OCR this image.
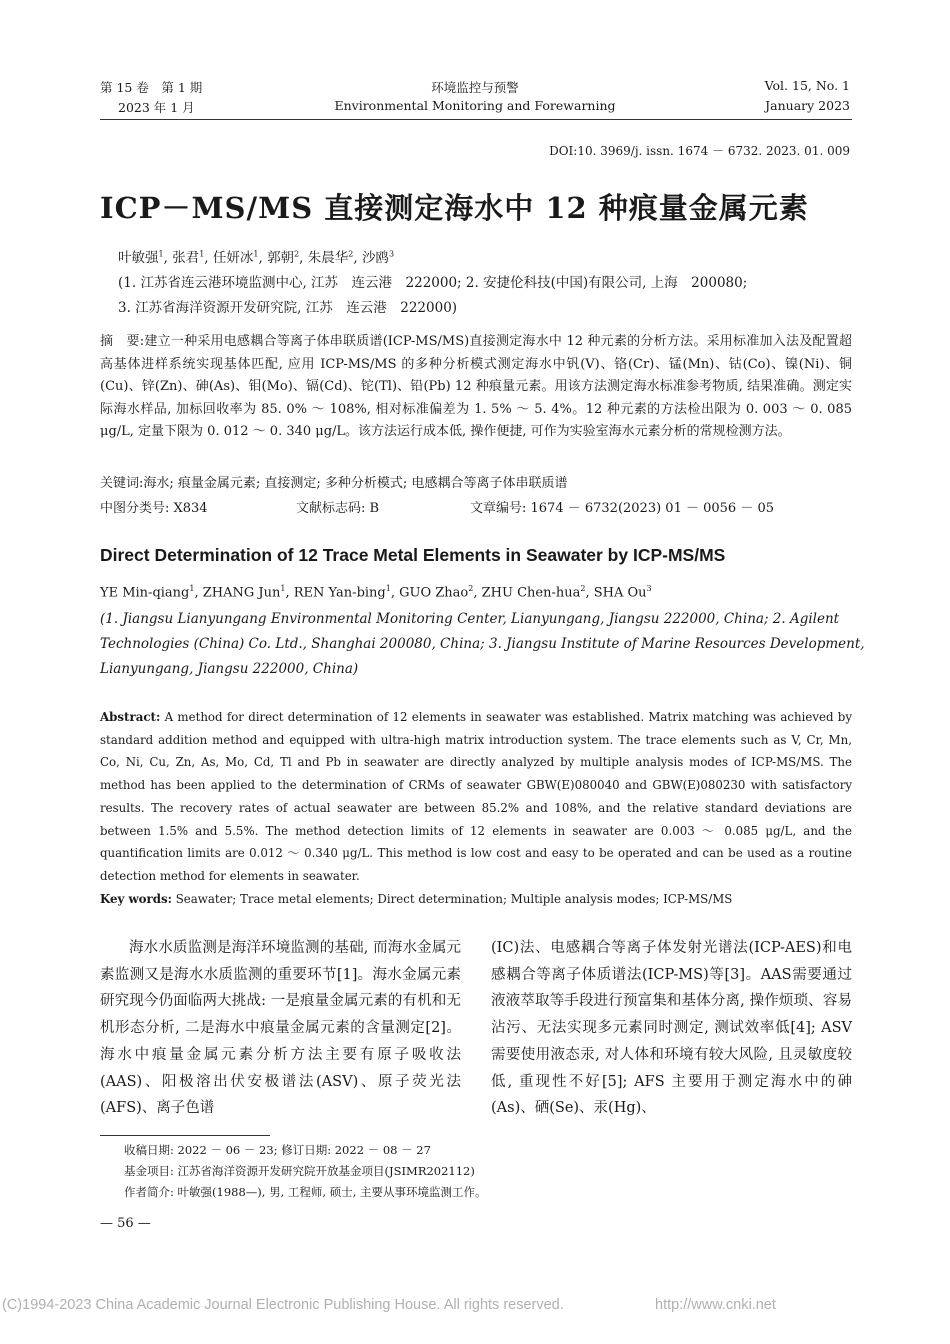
第 15 卷　第 1 期
2023 年 1 月
环境监控与预警
Environmental Monitoring and Forewarning
Vol. 15, No. 1
January 2023
DOI:10. 3969/j. issn. 1674 － 6732. 2023. 01. 009
ICP－MS/MS 直接测定海水中 12 种痕量金属元素
叶敏强$^1$, 张君$^1$, 任妍冰$^1$, 郭朝$^2$, 朱晨华$^2$, 沙鸥$^3$
(1. 江苏省连云港环境监测中心, 江苏　连云港　222000; 2. 安捷伦科技(中国)有限公司, 上海　200080;
3. 江苏省海洋资源开发研究院, 江苏　连云港　222000)
摘　要:建立一种采用电感耦合等离子体串联质谱(ICP-MS/MS)直接测定海水中 12 种元素的分析方法。采用标准加入法及配置超高基体进样系统实现基体匹配, 应用 ICP-MS/MS 的多种分析模式测定海水中钒(V)、铬(Cr)、锰(Mn)、钴(Co)、镍(Ni)、铜(Cu)、锌(Zn)、砷(As)、钼(Mo)、镉(Cd)、铊(Tl)、铅(Pb) 12 种痕量元素。用该方法测定海水标准参考物质, 结果准确。测定实际海水样品, 加标回收率为 85. 0% ～ 108%, 相对标准偏差为 1. 5% ～ 5. 4%。12 种元素的方法检出限为 0. 003 ～ 0. 085 μg/L, 定量下限为 0. 012 ～ 0. 340 μg/L。该方法运行成本低, 操作便捷, 可作为实验室海水元素分析的常规检测方法。
关键词:海水; 痕量金属元素; 直接测定; 多种分析模式; 电感耦合等离子体串联质谱
中图分类号: X834	文献标志码: B	文章编号: 1674 － 6732(2023) 01 － 0056 － 05
Direct Determination of 12 Trace Metal Elements in Seawater by ICP-MS/MS
YE Min-qiang$^1$, ZHANG Jun$^1$, REN Yan-bing$^1$, GUO Zhao$^2$, ZHU Chen-hua$^2$, SHA Ou$^3$
(1. Jiangsu Lianyungang Environmental Monitoring Center, Lianyungang, Jiangsu 222000, China; 2. Agilent
Technologies (China) Co. Ltd., Shanghai 200080, China; 3. Jiangsu Institute of Marine Resources Development,
Lianyungang, Jiangsu 222000, China)
Abstract: A method for direct determination of 12 elements in seawater was established. Matrix matching was achieved by standard addition method and equipped with ultra-high matrix introduction system. The trace elements such as V, Cr, Mn, Co, Ni, Cu, Zn, As, Mo, Cd, Tl and Pb in seawater are directly analyzed by multiple analysis modes of ICP-MS/MS. The method has been applied to the determination of CRMs of seawater GBW(E)080040 and GBW(E)080230 with satisfactory results. The recovery rates of actual seawater are between 85.2% and 108%, and the relative standard deviations are between 1.5% and 5.5%. The method detection limits of 12 elements in seawater are 0.003 ～ 0.085 μg/L, and the quantification limits are 0.012 ～ 0.340 μg/L. This method is low cost and easy to be operated and can be used as a routine detection method for elements in seawater.
Key words: Seawater; Trace metal elements; Direct determination; Multiple analysis modes; ICP-MS/MS
海水水质监测是海洋环境监测的基础, 而海水金属元素监测又是海水水质监测的重要环节[1]。海水金属元素研究现今仍面临两大挑战: 一是痕量金属元素的有机和无机形态分析, 二是海水中痕量金属元素的含量测定[2]。海水中痕量金属元素分析方法主要有原子吸收法(AAS)、阳极溶出伏安极谱法(ASV)、原子荧光法(AFS)、离子色谱
(IC)法、电感耦合等离子体发射光谱法(ICP-AES)和电感耦合等离子体质谱法(ICP-MS)等[3]。AAS需要通过液液萃取等手段进行预富集和基体分离, 操作烦琐、容易沾污、无法实现多元素同时测定, 测试效率低[4]; ASV 需要使用液态汞, 对人体和环境有较大风险, 且灵敏度较低, 重现性不好[5]; AFS 主要用于测定海水中的砷(As)、硒(Se)、汞(Hg)、
收稿日期: 2022 － 06 － 23; 修订日期: 2022 － 08 － 27
基金项目: 江苏省海洋资源开发研究院开放基金项目(JSIMR202112)
作者简介: 叶敏强(1988—), 男, 工程师, 硕士, 主要从事环境监测工作。
— 56 —
(C)1994-2023 China Academic Journal Electronic Publishing House. All rights reserved.	http://www.cnki.net
